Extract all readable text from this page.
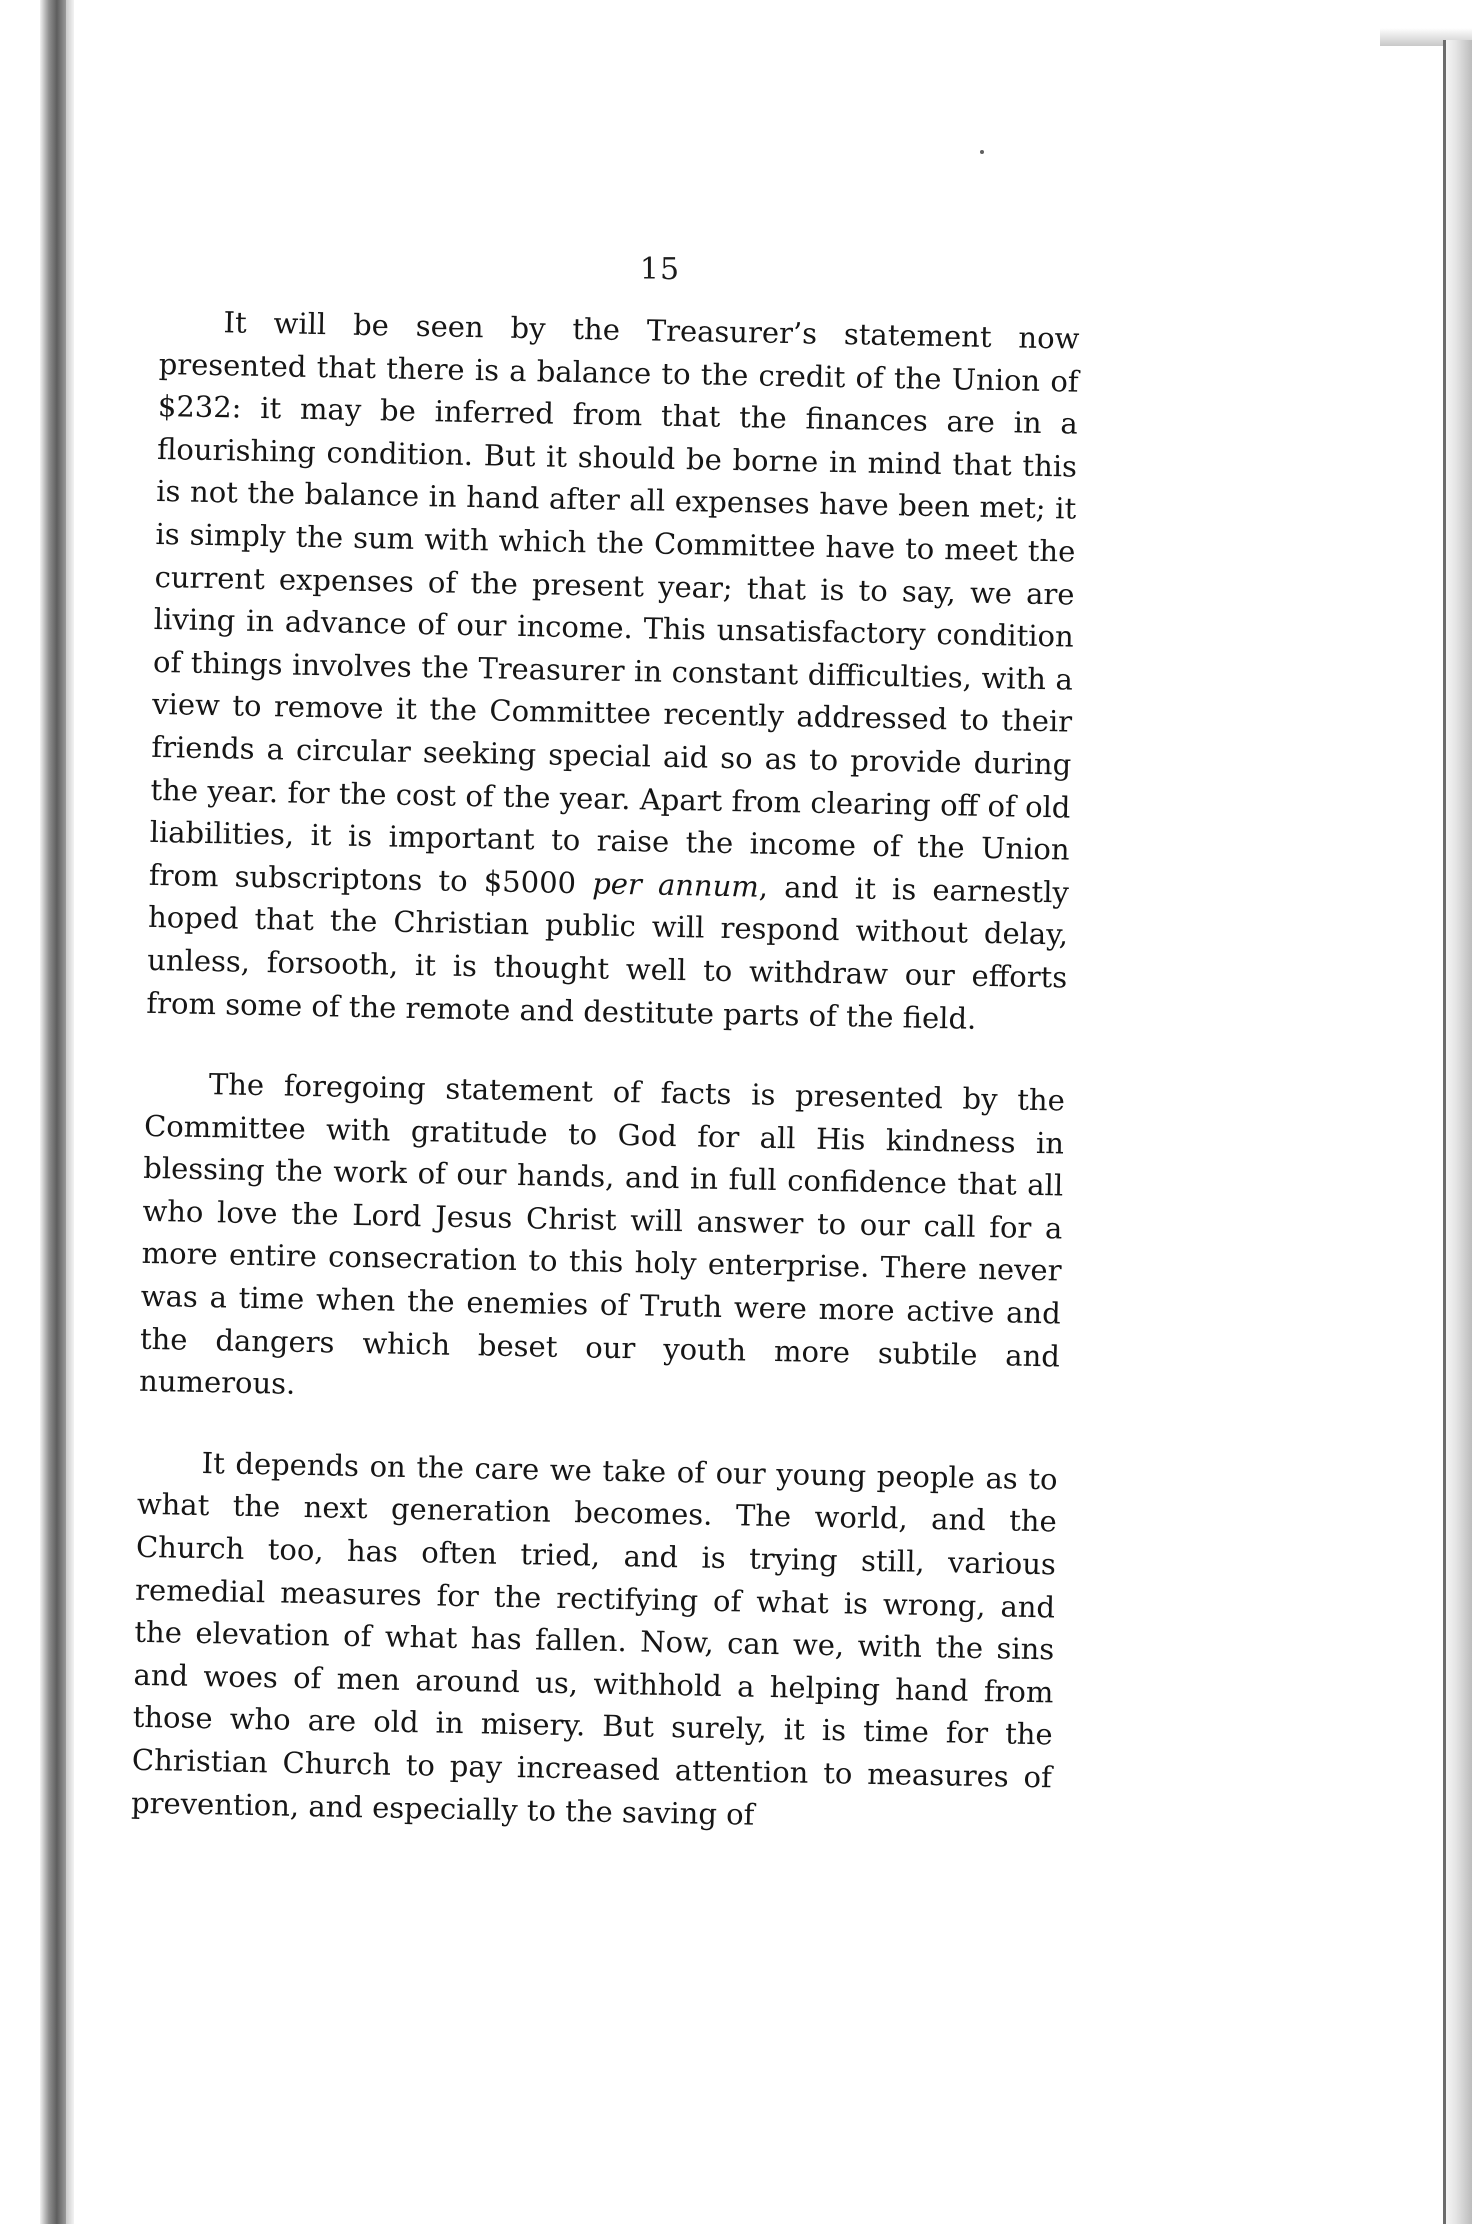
15

It will be seen by the Treasurer’s statement now presented that there is a balance to the credit of the Union of $232: it may be inferred from that the finances are in a flourishing condition. But it should be borne in mind that this is not the balance in hand after all expenses have been met; it is simply the sum with which the Committee have to meet the current expenses of the present year; that is to say, we are living in advance of our income. This unsatisfactory condition of things involves the Treasurer in constant difficulties, with a view to remove it the Committee recently addressed to their friends a circular seeking special aid so as to provide during the year. for the cost of the year. Apart from clearing off of old liabilities, it is important to raise the income of the Union from subscriptons to $5000 per annum, and it is earnestly hoped that the Christian public will respond without delay, unless, forsooth, it is thought well to withdraw our efforts from some of the remote and destitute parts of the field.

The foregoing statement of facts is presented by the Committee with gratitude to God for all His kindness in blessing the work of our hands, and in full confidence that all who love the Lord Jesus Christ will answer to our call for a more entire consecration to this holy enterprise. There never was a time when the enemies of Truth were more active and the dangers which beset our youth more subtile and numerous.

It depends on the care we take of our young people as to what the next generation becomes. The world, and the Church too, has often tried, and is trying still, various remedial measures for the rectifying of what is wrong, and the elevation of what has fallen. Now, can we, with the sins and woes of men around us, withhold a helping hand from those who are old in misery. But surely, it is time for the Christian Church to pay increased attention to measures of prevention, and especially to the saving of
